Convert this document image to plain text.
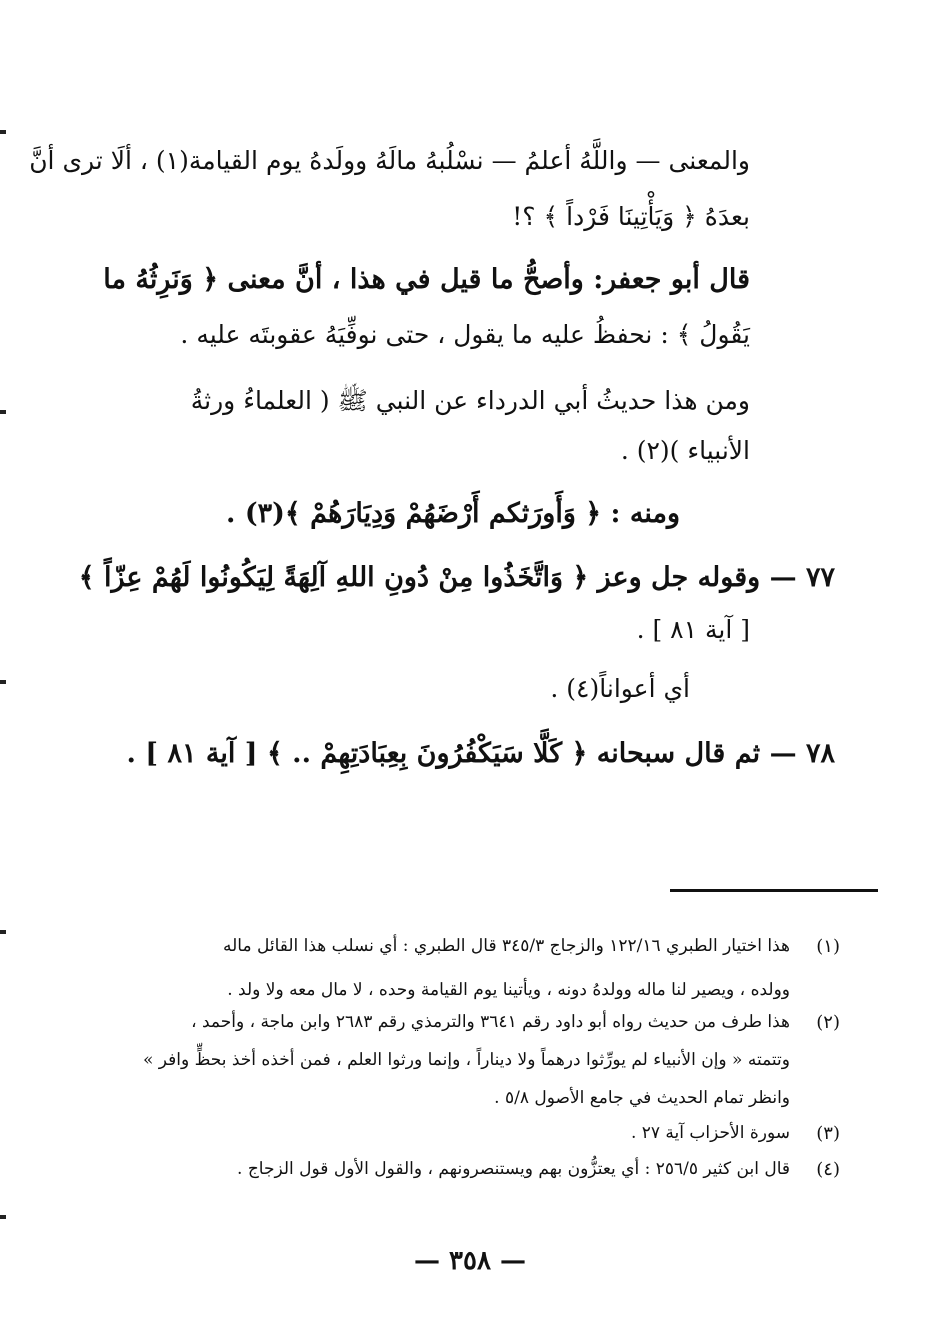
والمعنى — واللَّهُ أعلمُ — نسْلُبهُ مالَهُ وولَدهُ يوم القيامة(١) ، ألَا ترى أنَّ
بعدَهُ ﴿ وَيَأْتِينَا فَرْداً ﴾ ؟!
قال أبو جعفر: وأصحُّ ما قيل في هذا ، أنَّ معنى ﴿ وَنَرِثُهُ ما
يَقُولُ ﴾ : نحفظُ عليه ما يقول ، حتى نوفِّيَهُ عقوبتَه عليه .
ومن هذا حديثُ أبي الدرداء عن النبي ﷺ ( العلماءُ ورثةُ
الأنبياء )(٢) .
ومنه : ﴿ وَأَورَثكم أَرْضَهُمْ وَدِيَارَهُمْ ﴾(٣) .
٧٧ — وقوله جل وعز ﴿ وَاتَّخَذُوا مِنْ دُونِ اللهِ آلِهَةً لِيَكُونُوا لَهُمْ عِزّاً ﴾
[ آية ٨١ ] .
أي أعواناً(٤) .
٧٨ — ثم قال سبحانه ﴿ كَلَّا سَيَكْفُرُونَ بِعِبَادَتِهِمْ .. ﴾ [ آية ٨١ ] .
(١)
هذا اختيار الطبري ١٢٢/١٦ والزجاج ٣٤٥/٣ قال الطبري : أي نسلب هذا القائل ماله
وولده ، ويصير لنا ماله وولدهُ دونه ، ويأتينا يوم القيامة وحده ، لا مال معه ولا ولد .
(٢)
هذا طرف من حديث رواه أبو داود رقم ٣٦٤١ والترمذي رقم ٢٦٨٣ وابن ماجة ، وأحمد ،
وتتمته « وإن الأنبياء لم يورِّثوا درهماً ولا ديناراً ، وإنما ورثوا العلم ، فمن أخذه أخذ بحظٍّ وافر »
وانظر تمام الحديث في جامع الأصول ٥/٨ .
(٣)
سورة الأحزاب آية ٢٧ .
(٤)
قال ابن كثير ٢٥٦/٥ : أي يعتزُّون بهم ويستنصرونهم ، والقول الأول قول الزجاج .
— ٣٥٨ —
